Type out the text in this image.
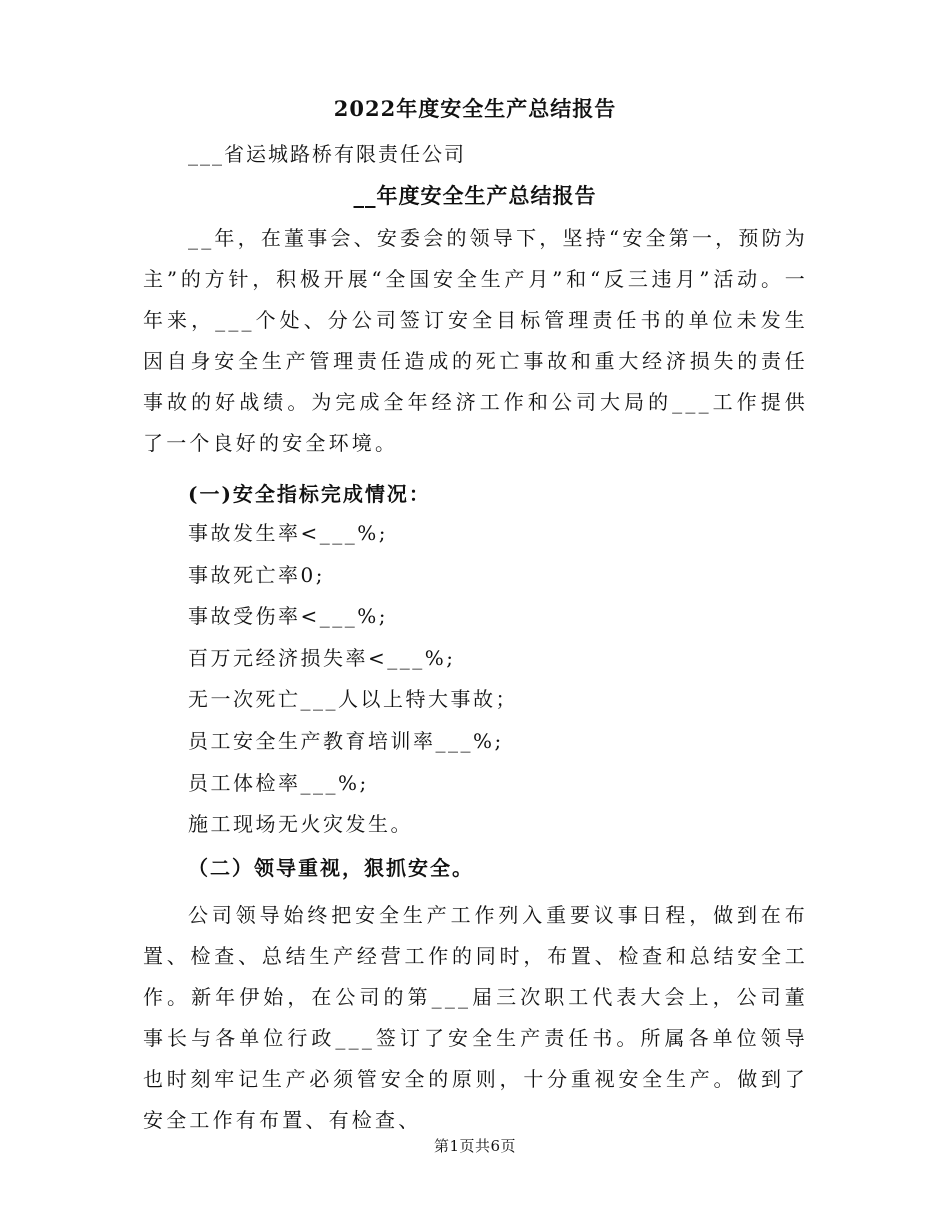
2022年度安全生产总结报告
___省运城路桥有限责任公司
__年度安全生产总结报告

__年，在董事会、安委会的领导下，坚持“安全第一，预防为主”的方针，积极开展“全国安全生产月”和“反三违月”活动。一年来，___个处、分公司签订安全目标管理责任书的单位未发生因自身安全生产管理责任造成的死亡事故和重大经济损失的责任事故的好战绩。为完成全年经济工作和公司大局的___工作提供了一个良好的安全环境。

(一)安全指标完成情况：
事故发生率<___%;
事故死亡率0;
事故受伤率<___%;
百万元经济损失率<___%;
无一次死亡___人以上特大事故；
员工安全生产教育培训率___%;
员工体检率___%;
施工现场无火灾发生。
（二）领导重视，狠抓安全。

公司领导始终把安全生产工作列入重要议事日程，做到在布置、检查、总结生产经营工作的同时，布置、检查和总结安全工作。新年伊始，在公司的第___届三次职工代表大会上，公司董事长与各单位行政___签订了安全生产责任书。所属各单位领导也时刻牢记生产必须管安全的原则，十分重视安全生产。做到了安全工作有布置、有检查、

第1页共6页
